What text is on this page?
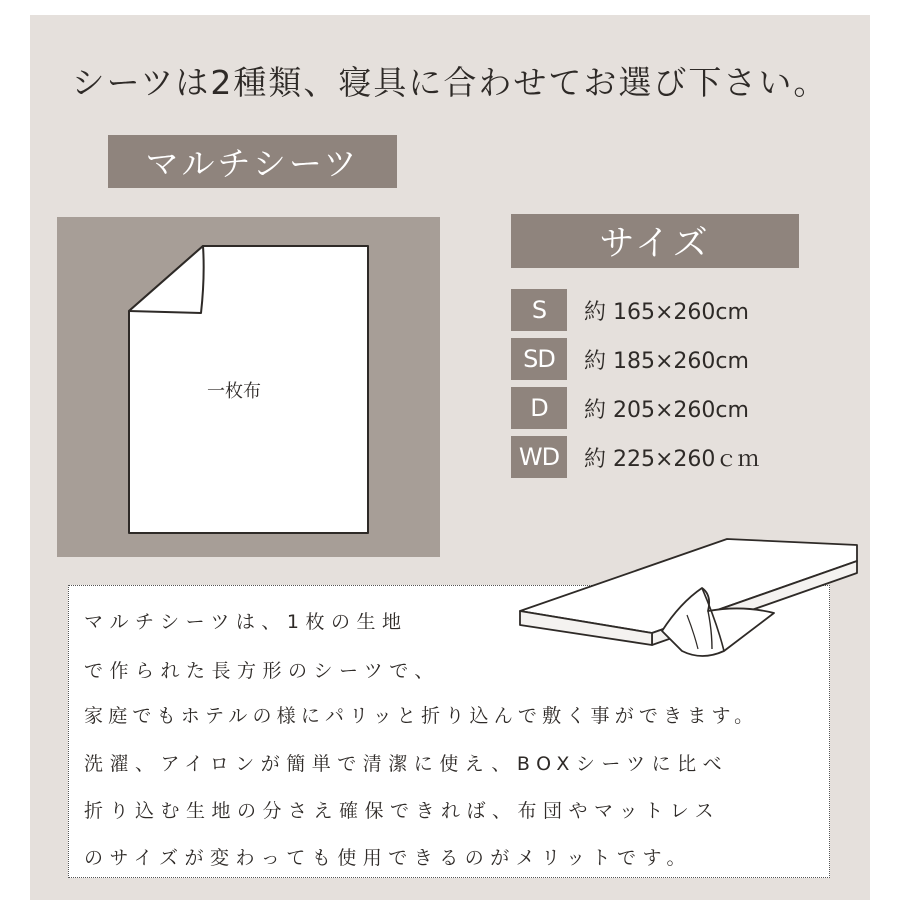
シーツは2種類、寝具に合わせてお選び下さい。
マルチシーツ
一枚布
サイズ
S	約 165×260cm
SD	約 185×260cm
D	約 205×260cm
WD	約 225×260ｃｍ
マルチシーツは、1枚の生地
で作られた長方形のシーツで、
家庭でもホテルの様にパリッと折り込んで敷く事ができます。
洗濯、アイロンが簡単で清潔に使え、BOXシーツに比べ
折り込む生地の分さえ確保できれば、布団やマットレス
のサイズが変わっても使用できるのがメリットです。
